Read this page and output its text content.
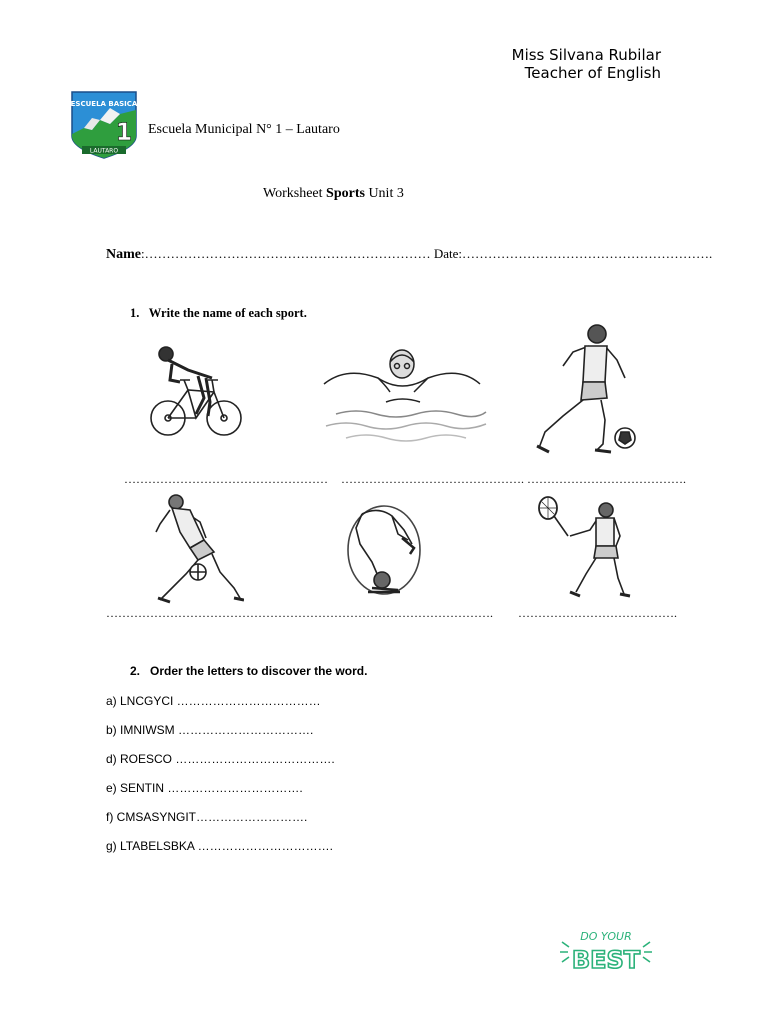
Miss Silvana Rubilar
Teacher of English
ESCUELA BASICA
1
LAUTARO
Escuela Municipal N° 1 – Lautaro
Worksheet Sports Unit 3
Name:………………………………………………………… Date:………………………………………………….
1. Write the name of each sport.
…………………………………………… ………………………………………. ………………………………….
…………………………………………… ………………………………………. ………………………………….
2. Order the letters to discover the word.
a) LNCGYCI ………………………………
b) IMNIWSM …………………………….
d) ROESCO ………………………………….
e) SENTIN …………………………….
f) CMSASYNGIT……………………….
g) LTABELSBKA …………………………….
DO YOUR
BEST
